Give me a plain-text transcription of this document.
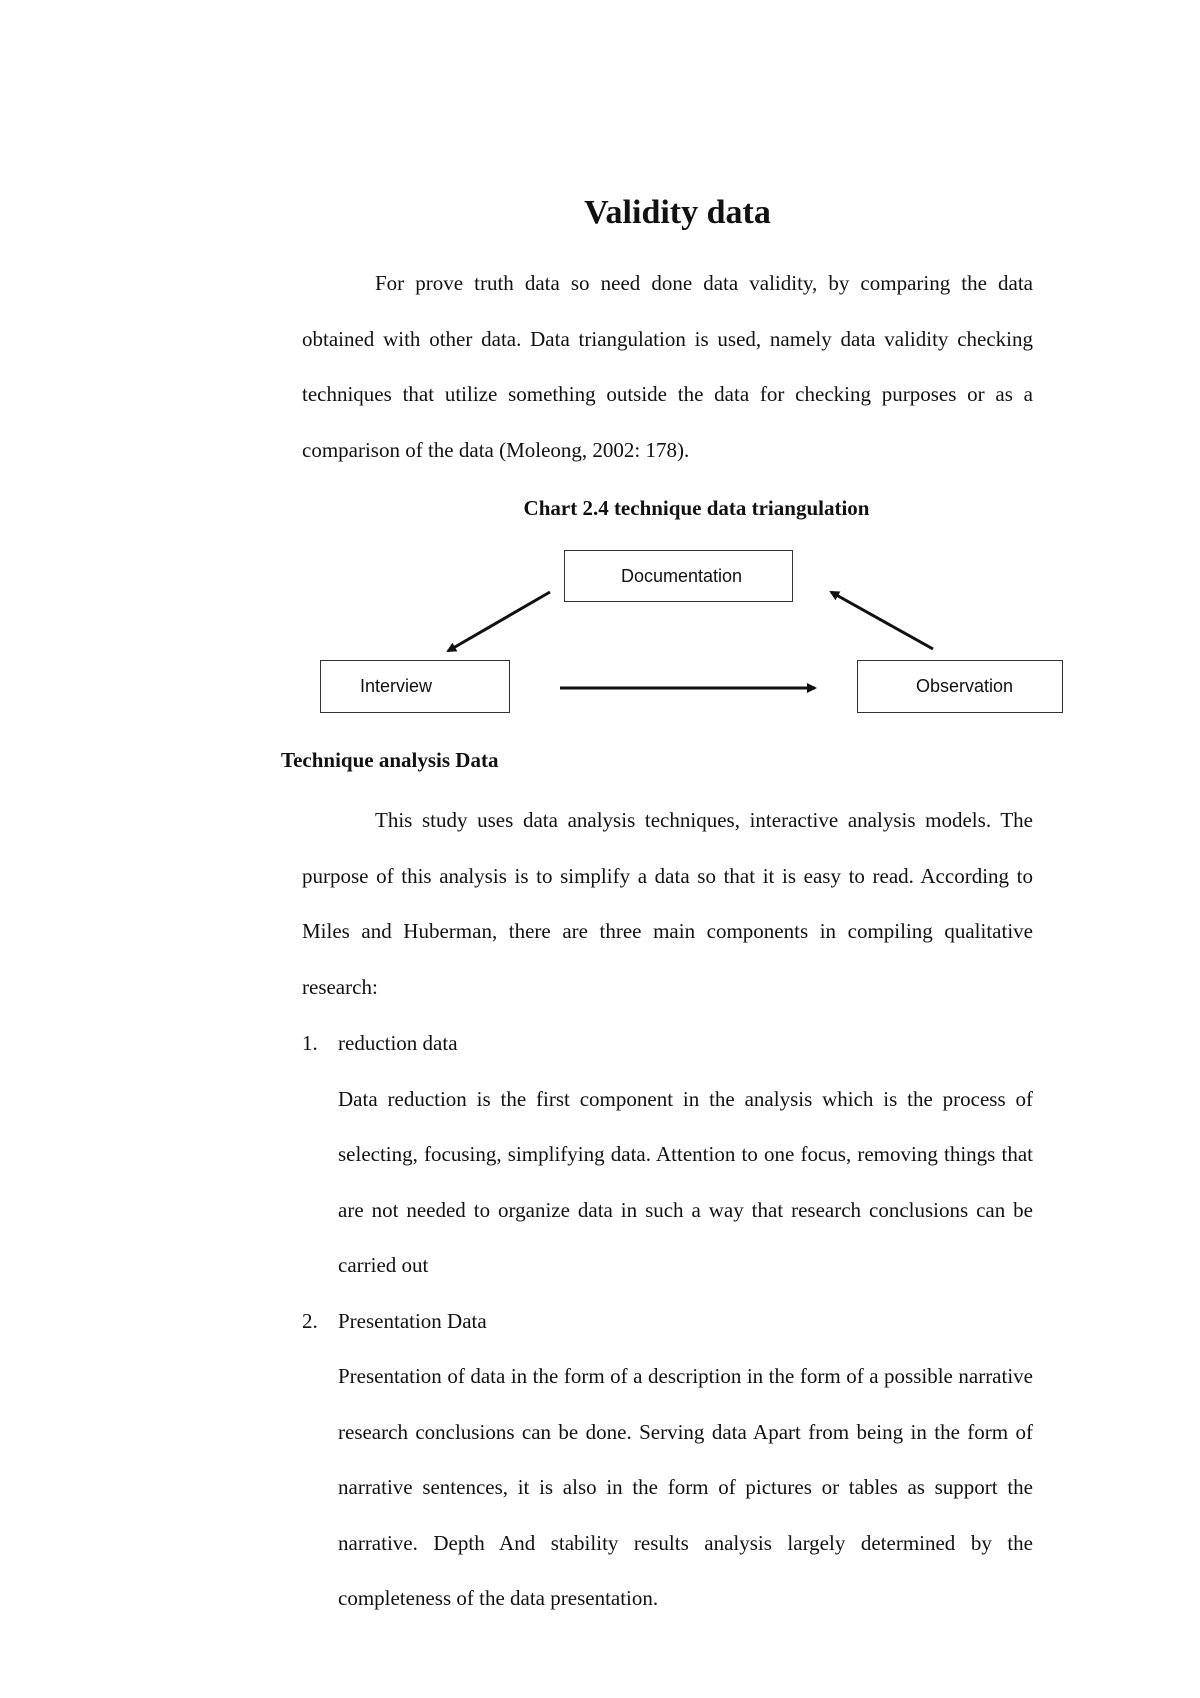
Validity data

For prove truth data so need done data validity, by comparing the data obtained with other data. Data triangulation is used, namely data validity checking techniques that utilize something outside the data for checking purposes or as a comparison of the data (Moleong, 2002: 178).

Chart 2.4 technique data triangulation

Documentation
Interview	Observation
Technique analysis Data

This study uses data analysis techniques, interactive analysis models. The purpose of this analysis is to simplify a data so that it is easy to read. According to Miles and Huberman, there are three main components in compiling qualitative research:

1. reduction data

Data reduction is the first component in the analysis which is the process of selecting, focusing, simplifying data. Attention to one focus, removing things that are not needed to organize data in such a way that research conclusions can be carried out

2. Presentation Data

Presentation of data in the form of a description in the form of a possible narrative research conclusions can be done. Serving data Apart from being in the form of narrative sentences, it is also in the form of pictures or tables as support the narrative. Depth And stability results analysis largely determined by the completeness of the data presentation.
